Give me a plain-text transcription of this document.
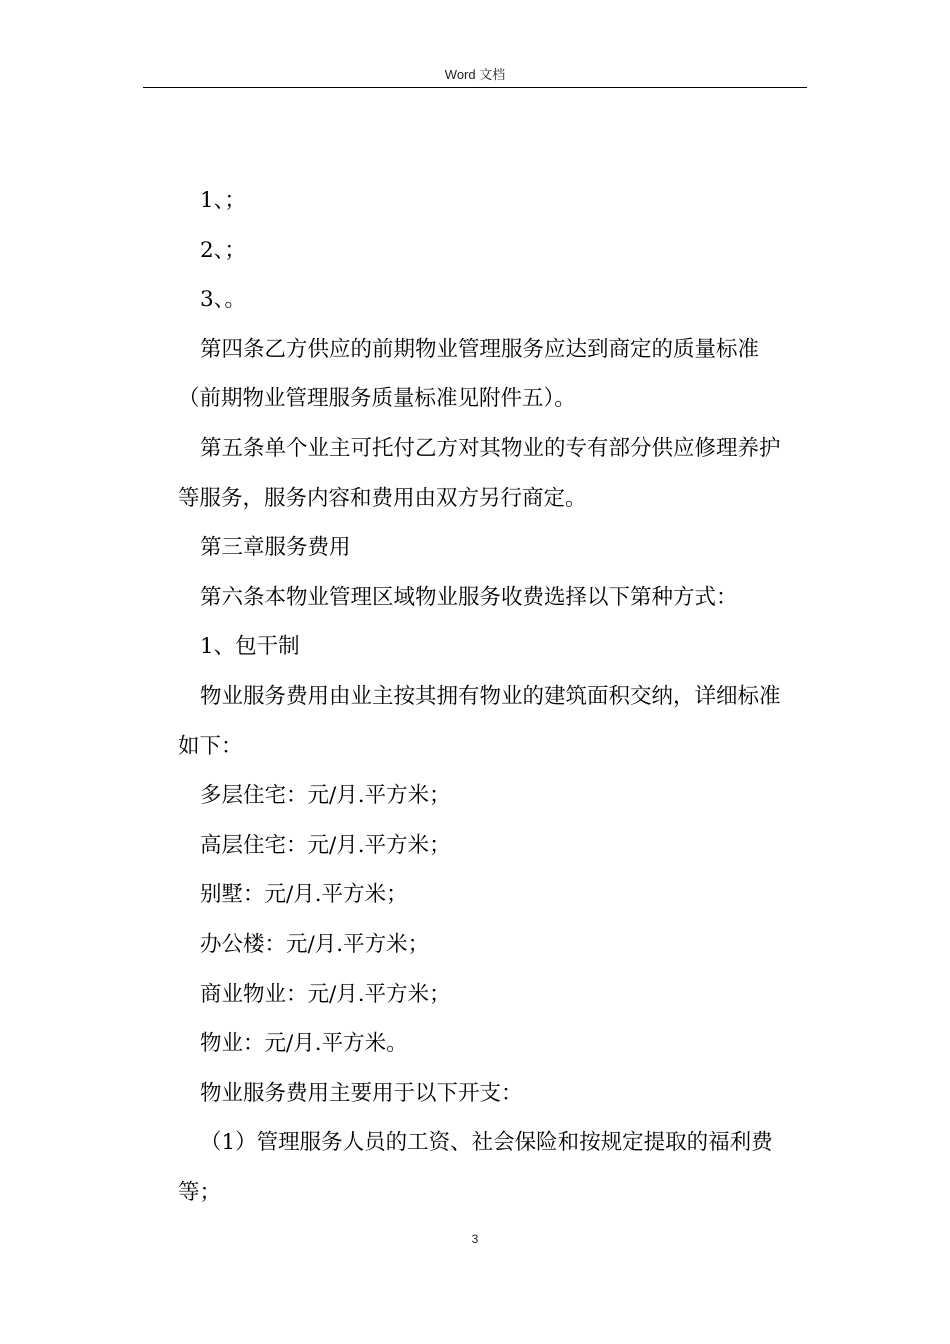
Word 文档

1、；

2、；

3、。

第四条乙方供应的前期物业管理服务应达到商定的质量标准

（前期物业管理服务质量标准见附件五）。

第五条单个业主可托付乙方对其物业的专有部分供应修理养护

等服务，服务内容和费用由双方另行商定。

第三章服务费用

第六条本物业管理区域物业服务收费选择以下第种方式：

1、包干制

物业服务费用由业主按其拥有物业的建筑面积交纳，详细标准

如下：

多层住宅：元/月.平方米；

高层住宅：元/月.平方米；

别墅：元/月.平方米；

办公楼：元/月.平方米；

商业物业：元/月.平方米；

物业：元/月.平方米。

物业服务费用主要用于以下开支：

（1）管理服务人员的工资、社会保险和按规定提取的福利费

等；

3
